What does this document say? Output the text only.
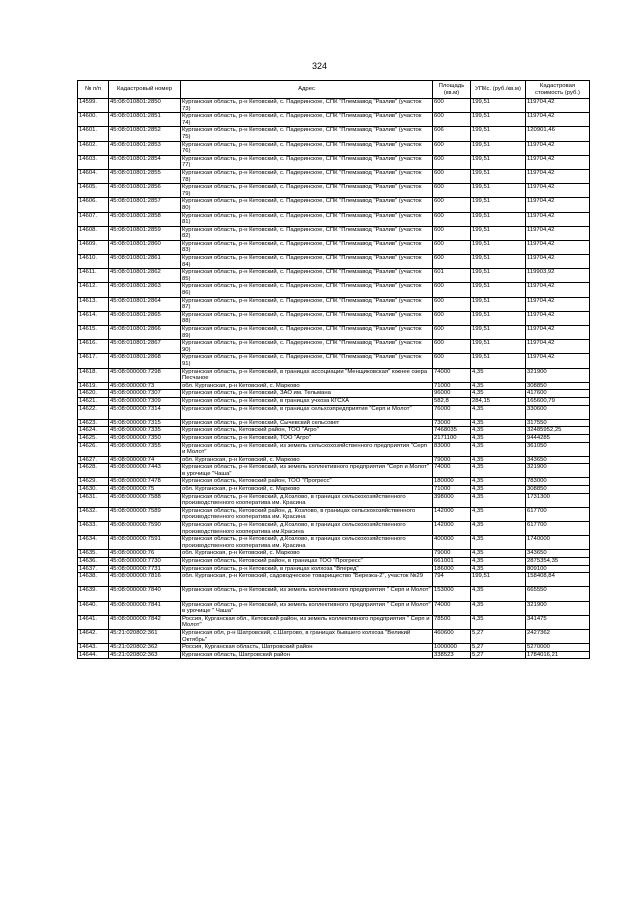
324
№ п/п	Кадастровый номер	Адрес	Площадь (кв.м)	УПКс. (руб./кв.м)	Кадастровая стоимость (руб.)
14599.	45:08:010801:2850	Курганская область, р-н Кетовский, с. Падеринское, СПК "Племзавод "Разлив" (участок 73)	600	199,51	119704,42
14600.	45:08:010801:2851	Курганская область, р-н Кетовский, с. Падеринское, СПК "Племзавод "Разлив" (участок 74)	600	199,51	119704,42
14601.	45:08:010801:2852	Курганская область, р-н Кетовский, с. Падеринское, СПК "Племзавод "Разлив" (участок 75)	606	199,51	120901,46
14602.	45:08:010801:2853	Курганская область, р-н Кетовский, с. Падеринское, СПК "Племзавод "Разлив" (участок 76)	600	199,51	119704,42
14603.	45:08:010801:2854	Курганская область, р-н Кетовский, с. Падеринское, СПК "Племзавод "Разлив" (участок 77)	600	199,51	119704,42
14604.	45:08:010801:2855	Курганская область, р-н Кетовский, с. Падеринское, СПК "Племзавод "Разлив" (участок 78)	600	199,51	119704,42
14605.	45:08:010801:2856	Курганская область, р-н Кетовский, с. Падеринское, СПК "Племзавод "Разлив" (участок 79)	600	199,51	119704,42
14606.	45:08:010801:2857	Курганская область, р-н Кетовский, с. Падеринское, СПК "Племзавод "Разлив" (участок 80)	600	199,51	119704,42
14607.	45:08:010801:2858	Курганская область, р-н Кетовский, с. Падеринское, СПК "Племзавод "Разлив" (участок 81)	600	199,51	119704,42
14608.	45:08:010801:2859	Курганская область, р-н Кетовский, с. Падеринское, СПК "Племзавод "Разлив" (участок 82)	600	199,51	119704,42
14609.	45:08:010801:2860	Курганская область, р-н Кетовский, с. Падеринское, СПК "Племзавод "Разлив" (участок 83)	600	199,51	119704,42
14610.	45:08:010801:2861	Курганская область, р-н Кетовский, с. Падеринское, СПК "Племзавод "Разлив" (участок 84)	600	199,51	119704,42
14611.	45:08:010801:2862	Курганская область, р-н Кетовский, с. Падеринское, СПК "Племзавод "Разлив" (участок 85)	601	199,51	119903,92
14612.	45:08:010801:2863	Курганская область, р-н Кетовский, с. Падеринское, СПК "Племзавод "Разлив" (участок 86)	600	199,51	119704,42
14613.	45:08:010801:2864	Курганская область, р-н Кетовский, с. Падеринское, СПК "Племзавод "Разлив" (участок 87)	600	199,51	119704,42
14614.	45:08:010801:2865	Курганская область, р-н Кетовский, с. Падеринское, СПК "Племзавод "Разлив" (участок 88)	600	199,51	119704,42
14615.	45:08:010801:2866	Курганская область, р-н Кетовский, с. Падеринское, СПК "Племзавод "Разлив" (участок 89)	600	199,51	119704,42
14616.	45:08:010801:2867	Курганская область, р-н Кетовский, с. Падеринское, СПК "Племзавод "Разлив" (участок 90)	600	199,51	119704,42
14617.	45:08:010801:2868	Курганская область, р-н Кетовский, с. Падеринское, СПК "Племзавод "Разлив" (участок 91)	600	199,51	119704,42
14618.	45:08:000000:7298	Курганская область, р-н Кетовский, в границах ассоциации "Менщиковская" южнее озера Песчаное	74000	4,35	321900
14619.	45:08:000000:73	обл. Курганская, р-н Кетовский, с. Марково	71000	4,35	308850
14620.	45:08:000000:7307	Курганская область, р-н Кетовский, ЗАО им. Тельмана	96000	4,35	417600
14621.	45:08:000000:7309	Курганская область, р-н Кетовский, в границах учхоза КГСХА	582,8	284,15	165600,79
14622.	45:08:000000:7314	Курганская область, р-н Кетовский, в границах сельхозпредприятия "Серп и Молот"	76000	4,35	330600
14623.	45:08:000000:7315	Курганская область, р-н Кетовский, Сычевский сельсовет	73000	4,35	317550
14624.	45:08:000000:7335	Курганская область, Кетовский район, ТОО "Агро"	7468035	4,35	32485952,25
14625.	45:08:000000:7350	Курганская область, р-н Кетовский, ТОО "Агро"	2171100	4,35	9444285
14626.	45:08:000000:7355	Курганская область, р-н Кетовский, из земель сельскохозяйственного предприятия "Серп и Молот"	83000	4,35	361050
14627.	45:08:000000:74	обл. Курганская, р-н Кетовский, с. Марково	79000	4,35	343650
14628.	45:08:000000:7443	Курганская область, р-н Кетовский, из земель коллективного предприятия "Серп и Молот" в урочище "Чаша"	74000	4,35	321900
14629.	45:08:000000:7478	Курганская область, Кетовский район, ТОО "Прогресс"	180000	4,35	783000
14630.	45:08:000000:75	обл. Курганская, р-н Кетовский, с. Марково	71000	4,35	308850
14631.	45:08:000000:7588	Курганская область, р-н Кетовский, д.Козлово, в границах сельскохозяйственного производственного кооператива им. Красина	398000	4,35	1731300
14632.	45:08:000000:7589	Курганская область, Кетовский район, д. Козлово, в границах сельскохозяйственного производственного кооператива им. Красина	142000	4,35	617700
14633.	45:08:000000:7590	Курганская область, р-н Кетовский, д.Козлово, в границах сельскохозяйственного производственного кооператива им.Красина	142000	4,35	617700
14634.	45:08:000000:7591	Курганская область, р-н Кетовский, д.Козлово, в границах сельскохозяйственного производственного кооператива им. Красина	400000	4,35	1740000
14635.	45:08:000000:76	обл. Курганская, р-н Кетовский, с. Марково	79000	4,35	343650
14636.	45:08:000000:7730	Курганская область, Кетовский район, в границах ТОО "Прогресс"	661001	4,35	2875354,35
14637.	45:08:000000:7731	Курганская область, р-н Кетовский, в границах колхоза "Вперед"	186000	4,35	809100
14638.	45:08:000000:7816	обл. Курганская, р-н Кетовский, садоводческое товарищество "Березка-2", участок №29	794	199,51	158408,84
14639.	45:08:000000:7840	Курганская область, р-н Кетовский, из земель коллективного предприятия " Серп и Молот"	153000	4,35	665550
14640.	45:08:000000:7841	Курганская область, р-н Кетовский, из земель коллективного предприятия " Серп и Молот" в урочище " Чаша"	74000	4,35	321900
14641.	45:08:000000:7842	Россия, Курганская обл., Кетовский район, из земель коллективного предприятия " Серп и Молот"	78500	4,35	341475
14642.	45:21:020802:361	Курганская обл, р-н Шатровский, с.Шатрово, в границах бывшего колхоза "Великий Октябрь"	460600	5,27	2427362
14643.	45:21:020802:362	Россия, Курганская область, Шатровский район	1000000	5,27	5270000
14644.	45:21:020802:363	Курганская область, Шатровский район	338523	5,27	1784016,21
